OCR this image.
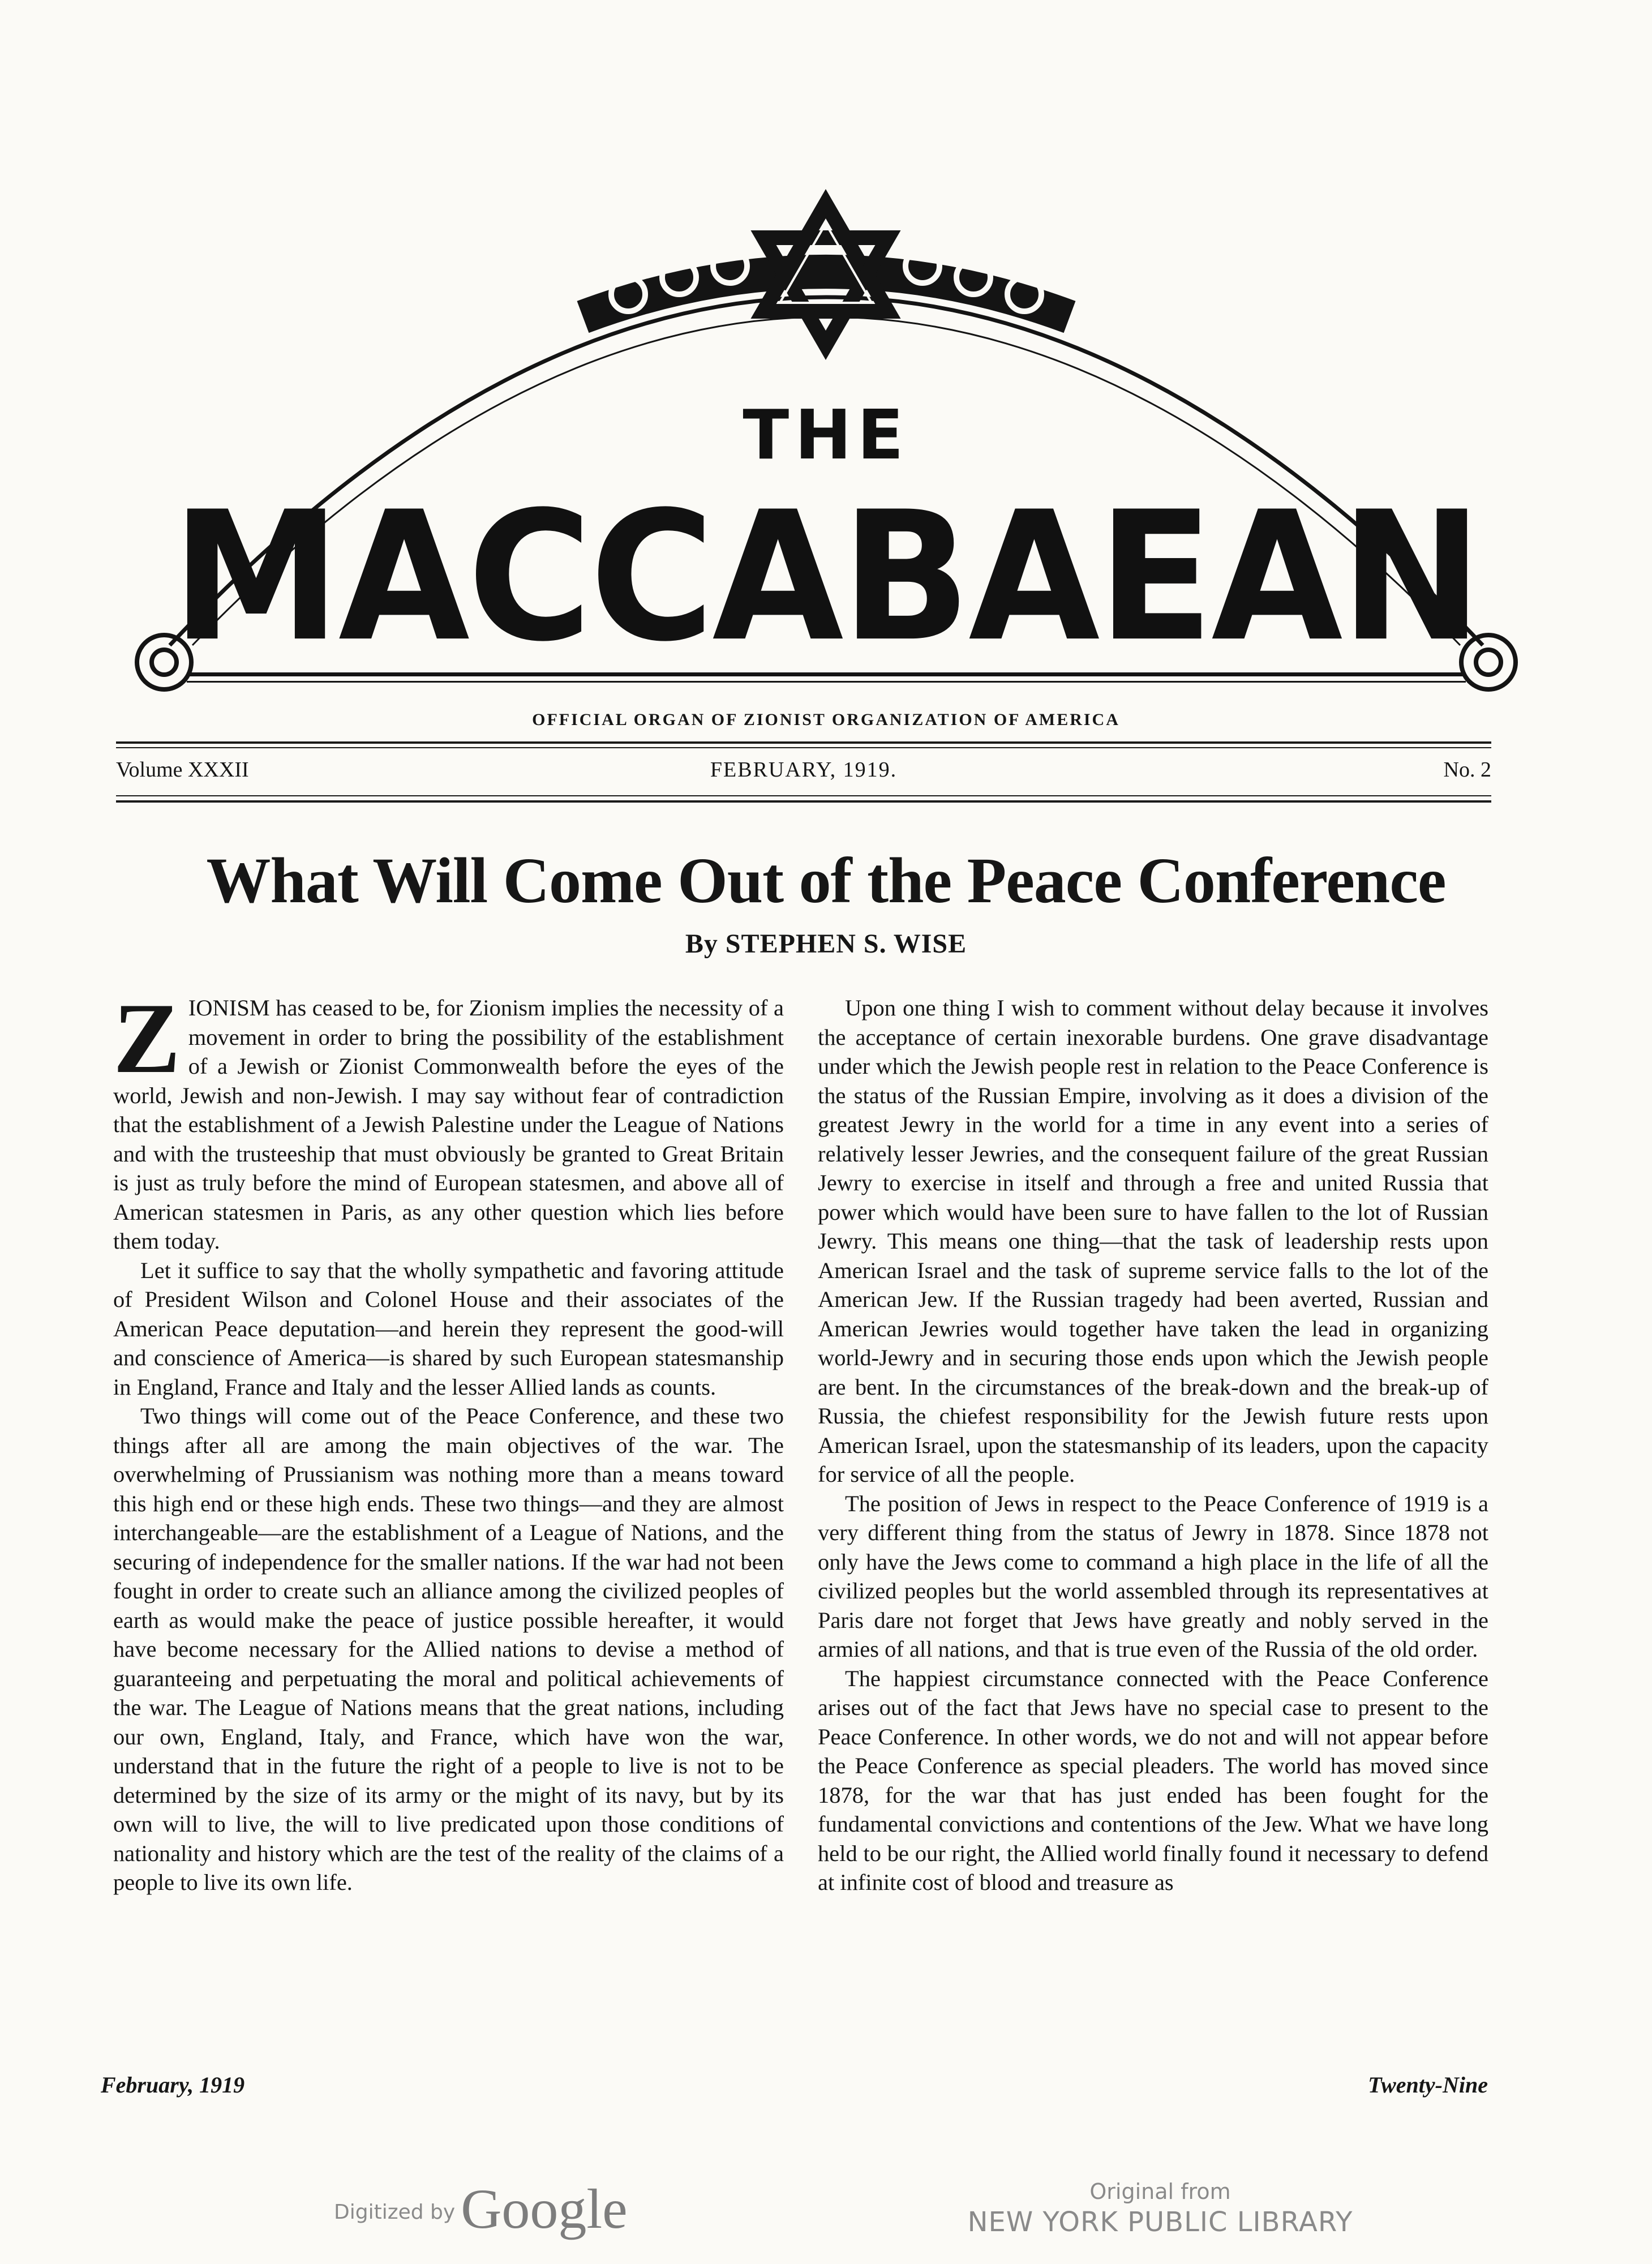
THE
MACCABAEAN
OFFICIAL ORGAN OF ZIONIST ORGANIZATION OF AMERICA
Volume XXXII	FEBRUARY, 1919.	No. 2
What Will Come Out of the Peace Conference
By STEPHEN S. WISE

ZIONISM has ceased to be, for Zionism implies the necessity of a movement in order to bring the possibility of the establishment of a Jewish or Zionist Commonwealth before the eyes of the world, Jewish and non-Jewish. I may say without fear of contradiction that the establishment of a Jewish Palestine under the League of Nations and with the trusteeship that must obviously be granted to Great Britain is just as truly before the mind of European statesmen, and above all of American statesmen in Paris, as any other question which lies before them today.

Let it suffice to say that the wholly sympathetic and favoring attitude of President Wilson and Colonel House and their associates of the American Peace deputation—and herein they represent the good-will and conscience of America—is shared by such European statesmanship in England, France and Italy and the lesser Allied lands as counts.

Two things will come out of the Peace Conference, and these two things after all are among the main objectives of the war. The overwhelming of Prussianism was nothing more than a means toward this high end or these high ends. These two things—and they are almost interchangeable—are the establishment of a League of Nations, and the securing of independence for the smaller nations. If the war had not been fought in order to create such an alliance among the civilized peoples of earth as would make the peace of justice possible hereafter, it would have become necessary for the Allied nations to devise a method of guaranteeing and perpetuating the moral and political achievements of the war. The League of Nations means that the great nations, including our own, England, Italy, and France, which have won the war, understand that in the future the right of a people to live is not to be determined by the size of its army or the might of its navy, but by its own will to live, the will to live predicated upon those conditions of nationality and history which are the test of the reality of the claims of a people to live its own life.

Upon one thing I wish to comment without delay because it involves the acceptance of certain inexorable burdens. One grave disadvantage under which the Jewish people rest in relation to the Peace Conference is the status of the Russian Empire, involving as it does a division of the greatest Jewry in the world for a time in any event into a series of relatively lesser Jewries, and the consequent failure of the great Russian Jewry to exercise in itself and through a free and united Russia that power which would have been sure to have fallen to the lot of Russian Jewry. This means one thing—that the task of leadership rests upon American Israel and the task of supreme service falls to the lot of the American Jew. If the Russian tragedy had been averted, Russian and American Jewries would together have taken the lead in organizing world-Jewry and in securing those ends upon which the Jewish people are bent. In the circumstances of the break-down and the break-up of Russia, the chiefest responsibility for the Jewish future rests upon American Israel, upon the statesmanship of its leaders, upon the capacity for service of all the people.

The position of Jews in respect to the Peace Conference of 1919 is a very different thing from the status of Jewry in 1878. Since 1878 not only have the Jews come to command a high place in the life of all the civilized peoples but the world assembled through its representatives at Paris dare not forget that Jews have greatly and nobly served in the armies of all nations, and that is true even of the Russia of the old order.

The happiest circumstance connected with the Peace Conference arises out of the fact that Jews have no special case to present to the Peace Conference. In other words, we do not and will not appear before the Peace Conference as special pleaders. The world has moved since 1878, for the war that has just ended has been fought for the fundamental convictions and contentions of the Jew. What we have long held to be our right, the Allied world finally found it necessary to defend at infinite cost of blood and treasure as

February, 1919	Twenty-Nine
Digitized by Google	Original from
NEW YORK PUBLIC LIBRARY
